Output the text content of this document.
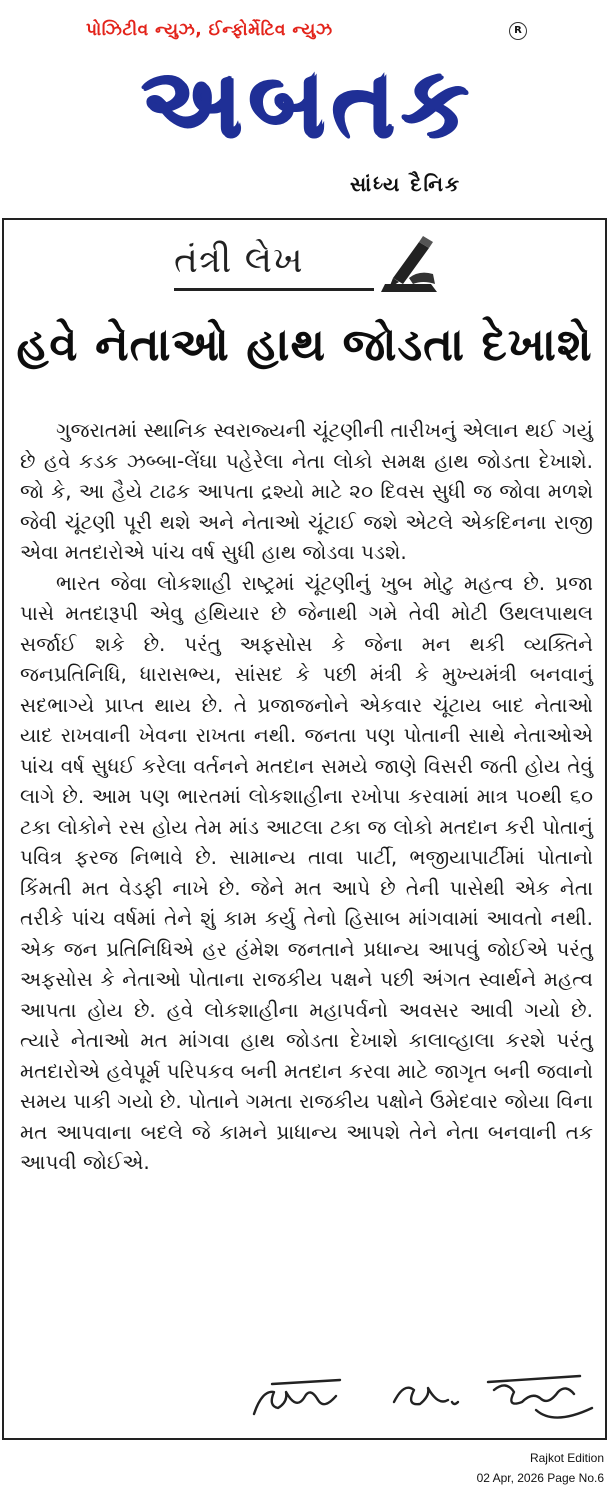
પોઝિટીવ ન્યુઝ, ઈન્ફોર્મેટિવ ન્યુઝ	R
અબતક
સાંધ્ય દૈનિક
તંત્રી લેખ
હવે નેતાઓ હાથ જોડતા દેખાશે

ગુજરાતમાં સ્થાનિક સ્વરાજ્યની ચૂંટણીની તારીખનું એલાન થઈ ગયું છે હવે કડક ઝબ્બા-લેંઘા પહેરેલા નેતા લોકો સમક્ષ હાથ જોડતા દેખાશે. જો કે, આ હૈયે ટાઢક આપતા દ્રશ્યો માટે ૨૦ દિવસ સુધી જ જોવા મળશે જેવી ચૂંટણી પૂરી થશે અને નેતાઓ ચૂંટાઈ જશે એટલે એકદિનના રાજી એવા મતદારોએ પાંચ વર્ષ સુધી હાથ જોડવા પડશે.

ભારત જેવા લોકશાહી રાષ્ટ્રમાં ચૂંટણીનું ખુબ મોટુ મહત્વ છે. પ્રજા પાસે મતદારૂપી એવુ હથિયાર છે જેનાથી ગમે તેવી મોટી ઉથલપાથલ સર્જાઈ શકે છે. પરંતુ અફસોસ કે જેના મન થકી વ્યક્તિને જનપ્રતિનિધિ, ધારાસભ્ય, સાંસદ કે પછી મંત્રી કે મુખ્યમંત્રી બનવાનું સદભાગ્યે પ્રાપ્ત થાય છે. તે પ્રજાજનોને એકવાર ચૂંટાય બાદ નેતાઓ યાદ રાખવાની ખેવના રાખતા નથી. જનતા પણ પોતાની સાથે નેતાઓએ પાંચ વર્ષ સુધઈ કરેલા વર્તનને મતદાન સમયે જાણે વિસરી જતી હોય તેવું લાગે છે. આમ પણ ભારતમાં લોકશાહીના રખોપા કરવામાં માત્ર ૫૦થી ૬૦ ટકા લોકોને રસ હોય તેમ માંડ આટલા ટકા જ લોકો મતદાન કરી પોતાનું પવિત્ર ફરજ નિભાવે છે. સામાન્ય તાવા પાર્ટી, ભજીયાપાર્ટીમાં પોતાનો કિંમતી મત વેડફી નાખે છે. જેને મત આપે છે તેની પાસેથી એક નેતા તરીકે પાંચ વર્ષમાં તેને શું કામ કર્યુ તેનો હિસાબ માંગવામાં આવતો નથી. એક જન પ્રતિનિધિએ હર હંમેશ જનતાને પ્રધાન્ય આપવું જોઈએ પરંતુ અફસોસ કે નેતાઓ પોતાના રાજકીય પક્ષને પછી અંગત સ્વાર્થને મહત્વ આપતા હોય છે. હવે લોકશાહીના મહાપર્વનો અવસર આવી ગયો છે. ત્યારે નેતાઓ મત માંગવા હાથ જોડતા દેખાશે કાલાવ્હાલા કરશે પરંતુ મતદારોએ હવેપૂર્મ પરિપકવ બની મતદાન કરવા માટે જાગૃત બની જવાનો સમય પાકી ગયો છે. પોતાને ગમતા રાજકીય પક્ષોને ઉમેદવાર જોયા વિના મત આપવાના બદલે જે કામને પ્રાધાન્ય આપશે તેને નેતા બનવાની તક આપવી જોઈએ.

Rajkot Edition
02 Apr, 2026 Page No.6
